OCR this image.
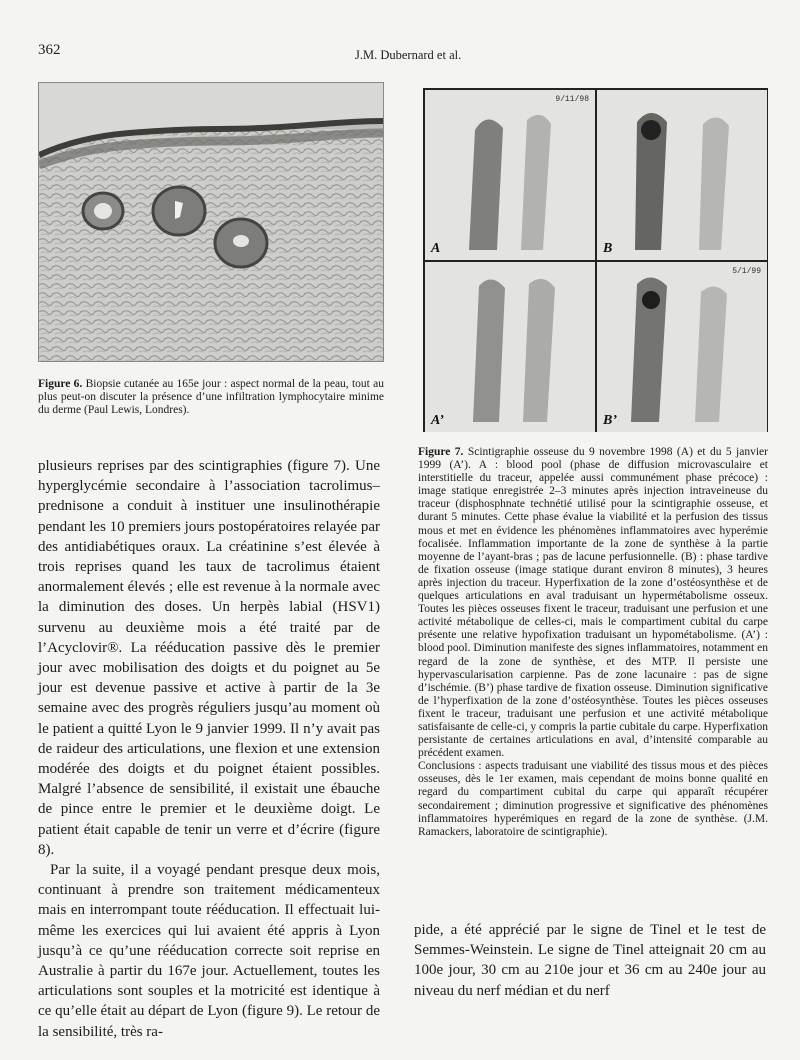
362	J.M. Dubernard et al.
A
9/11/98
B
A’	B’
5/1/99
Figure 6. Biopsie cutanée au 165e jour : aspect normal de la peau, tout au plus peut-on discuter la présence d’une infiltration lymphocytaire minime du derme (Paul Lewis, Londres).
Figure 7. Scintigraphie osseuse du 9 novembre 1998 (A) et du 5 janvier 1999 (A’). A : blood pool (phase de diffusion microvasculaire et interstitielle du traceur, appelée aussi communément phase précoce) : image statique enregistrée 2–3 minutes après injection intraveineuse du traceur (disphosphnate technétié utilisé pour la scintigraphie osseuse, et durant 5 minutes. Cette phase évalue la viabilité et la perfusion des tissus mous et met en évidence les phénomènes inflammatoires avec hyperémie focalisée. Inflammation importante de la zone de synthèse à la partie moyenne de l’ayant-bras ; pas de lacune perfusionnelle. (B) : phase tardive de fixation osseuse (image statique durant environ 8 minutes), 3 heures après injection du traceur. Hyperfixation de la zone d’ostéosynthèse et de quelques articulations en aval traduisant un hypermétabolisme osseux. Toutes les pièces osseuses fixent le traceur, traduisant une perfusion et une activité métabolique de celles-ci, mais le compartiment cubital du carpe présente une relative hypofixation traduisant un hypométabolisme. (A’) : blood pool. Diminution manifeste des signes inflammatoires, notamment en regard de la zone de synthèse, et des MTP. Il persiste une hypervascularisation carpienne. Pas de zone lacunaire : pas de signe d’ischémie. (B’) phase tardive de fixation osseuse. Diminution significative de l’hyperfixation de la zone d’ostéosynthèse. Toutes les pièces osseuses fixent le traceur, traduisant une perfusion et une activité métabolique satisfaisante de celle-ci, y compris la partie cubitale du carpe. Hyperfixation persistante de certaines articulations en aval, d’intensité comparable au précédent examen.

Conclusions : aspects traduisant une viabilité des tissus mous et des pièces osseuses, dès le 1er examen, mais cependant de moins bonne qualité en regard du compartiment cubital du carpe qui apparaît récupérer secondairement ; diminution progressive et significative des phénomènes inflammatoires hyperémiques en regard de la zone de synthèse. (J.M. Ramackers, laboratoire de scintigraphie).

plusieurs reprises par des scintigraphies (figure 7). Une hyperglycémie secondaire à l’association tacrolimus–prednisone a conduit à instituer une insulinothérapie pendant les 10 premiers jours postopératoires relayée par des antidiabétiques oraux. La créatinine s’est élevée à trois reprises quand les taux de tacrolimus étaient anormalement élevés ; elle est revenue à la normale avec la diminution des doses. Un herpès labial (HSV1) survenu au deuxième mois a été traité par de l’Acyclovir®. La rééducation passive dès le premier jour avec mobilisation des doigts et du poignet au 5e jour est devenue passive et active à partir de la 3e semaine avec des progrès réguliers jusqu’au moment où le patient a quitté Lyon le 9 janvier 1999. Il n’y avait pas de raideur des articulations, une flexion et une extension modérée des doigts et du poignet étaient possibles. Malgré l’absence de sensibilité, il existait une ébauche de pince entre le premier et le deuxième doigt. Le patient était capable de tenir un verre et d’écrire (figure 8).

Par la suite, il a voyagé pendant presque deux mois, continuant à prendre son traitement médicamenteux mais en interrompant toute rééducation. Il effectuait lui-même les exercices qui lui avaient été appris à Lyon jusqu’à ce qu’une rééducation correcte soit reprise en Australie à partir du 167e jour. Actuellement, toutes les articulations sont souples et la motricité est identique à ce qu’elle était au départ de Lyon (figure 9). Le retour de la sensibilité, très ra-

pide, a été apprécié par le signe de Tinel et le test de Semmes-Weinstein. Le signe de Tinel atteignait 20 cm au 100e jour, 30 cm au 210e jour et 36 cm au 240e jour au niveau du nerf médian et du nerf
